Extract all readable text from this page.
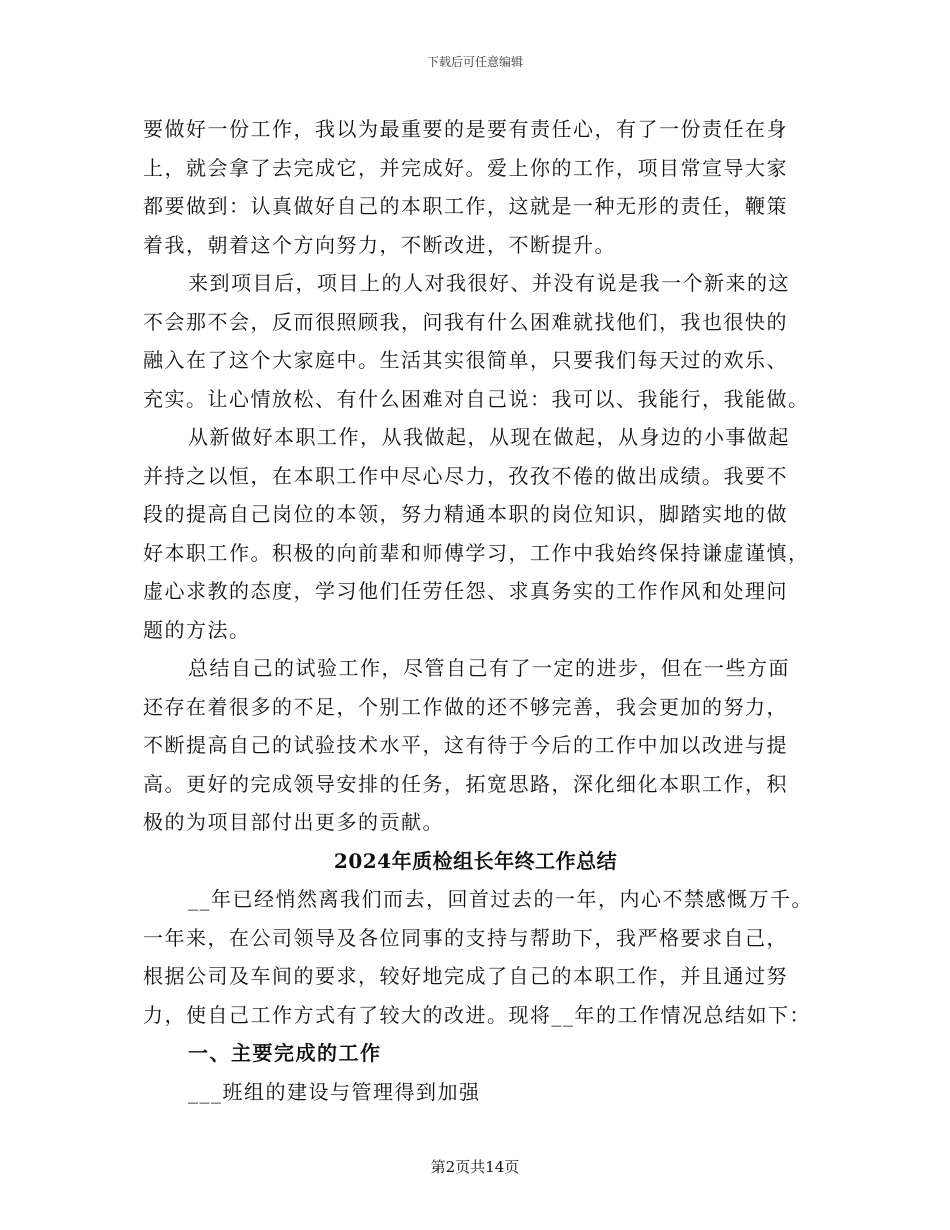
下载后可任意编辑
要做好一份工作，我以为最重要的是要有责任心，有了一份责任在身
上，就会拿了去完成它，并完成好。爱上你的工作，项目常宣导大家
都要做到：认真做好自己的本职工作，这就是一种无形的责任，鞭策
着我，朝着这个方向努力，不断改进，不断提升。
来到项目后，项目上的人对我很好、并没有说是我一个新来的这
不会那不会，反而很照顾我，问我有什么困难就找他们，我也很快的
融入在了这个大家庭中。生活其实很简单，只要我们每天过的欢乐、
充实。让心情放松、有什么困难对自己说：我可以、我能行，我能做。
从新做好本职工作，从我做起，从现在做起，从身边的小事做起
并持之以恒，在本职工作中尽心尽力，孜孜不倦的做出成绩。我要不
段的提高自己岗位的本领，努力精通本职的岗位知识，脚踏实地的做
好本职工作。积极的向前辈和师傅学习，工作中我始终保持谦虚谨慎，
虚心求教的态度，学习他们任劳任怨、求真务实的工作作风和处理问
题的方法。
总结自己的试验工作，尽管自己有了一定的进步，但在一些方面
还存在着很多的不足，个别工作做的还不够完善，我会更加的努力，
不断提高自己的试验技术水平，这有待于今后的工作中加以改进与提
高。更好的完成领导安排的任务，拓宽思路，深化细化本职工作，积
极的为项目部付出更多的贡献。
2024年质检组长年终工作总结
__年已经悄然离我们而去，回首过去的一年，内心不禁感慨万千。
一年来，在公司领导及各位同事的支持与帮助下，我严格要求自己，
根据公司及车间的要求，较好地完成了自己的本职工作，并且通过努
力，使自己工作方式有了较大的改进。现将__年的工作情况总结如下：
一、主要完成的工作
___班组的建设与管理得到加强
第2页共14页
